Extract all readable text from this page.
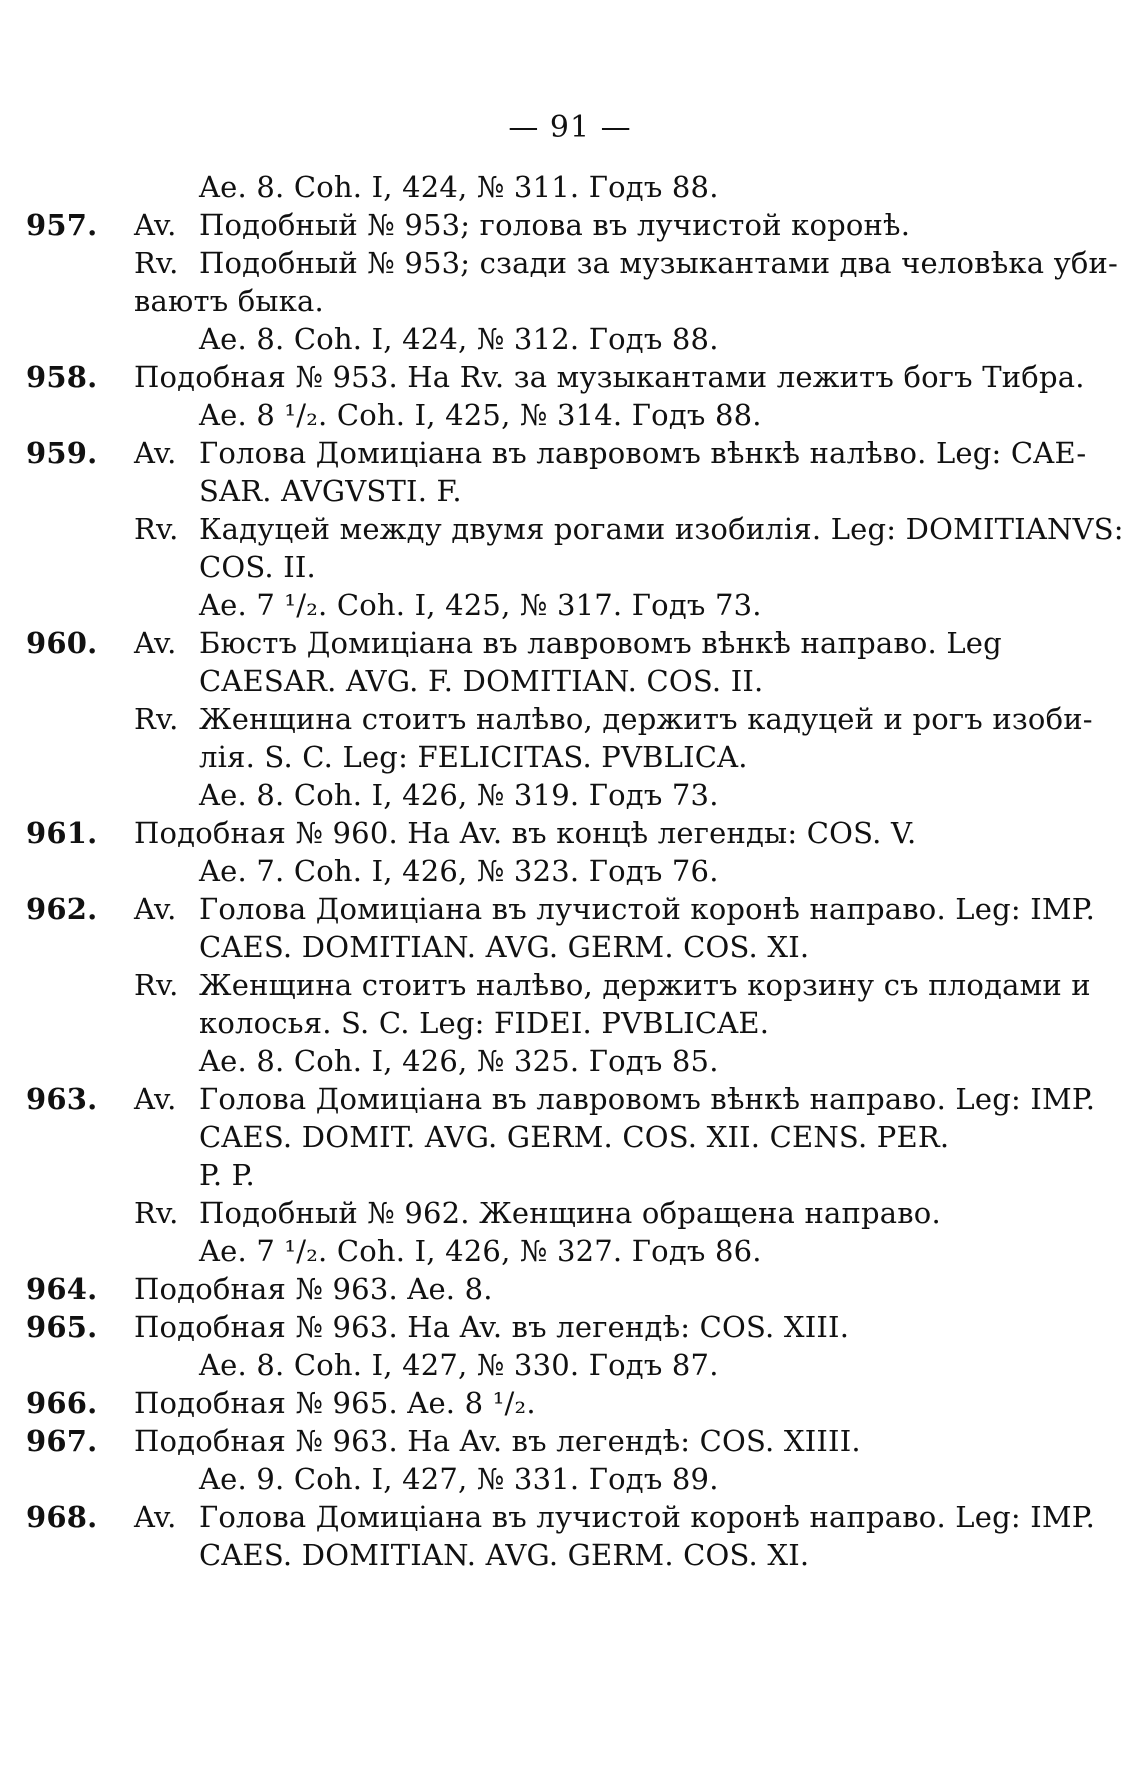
— 91 —
Ae. 8. Coh. I, 424, № 311. Годъ 88.
957.	Av. Подобный № 953; голова въ лучистой коронѣ.
Rv. Подобный № 953; сзади за музыкантами два человѣка уби-
ваютъ быка.
Ae. 8. Coh. I, 424, № 312. Годъ 88.
958.	Подобная № 953. На Rv. за музыкантами лежитъ богъ Тибра.
Ae. 8 ¹/₂. Coh. I, 425, № 314. Годъ 88.
959.	Av. Голова Домиціана въ лавровомъ вѣнкѣ налѣво. Leg: CAE-
SAR. AVGVSTI. F.
Rv. Кадуцей между двумя рогами изобилія. Leg: DOMITIANVS:
COS. II.
Ae. 7 ¹/₂. Coh. I, 425, № 317. Годъ 73.
960.	Av. Бюстъ Домиціана въ лавровомъ вѣнкѣ направо. Leg
CAESAR. AVG. F. DOMITIAN. COS. II.
Rv. Женщина стоитъ налѣво, держитъ кадуцей и рогъ изоби-
лія. S. C. Leg: FELICITAS. PVBLICA.
Ae. 8. Coh. I, 426, № 319. Годъ 73.
961.	Подобная № 960. На Av. въ концѣ легенды: COS. V.
Ae. 7. Coh. I, 426, № 323. Годъ 76.
962.	Av. Голова Домиціана въ лучистой коронѣ направо. Leg: IMP.
CAES. DOMITIAN. AVG. GERM. COS. XI.
Rv. Женщина стоитъ налѣво, держитъ корзину съ плодами и
колосья. S. C. Leg: FIDEI. PVBLICAE.
Ae. 8. Coh. I, 426, № 325. Годъ 85.
963.	Av. Голова Домиціана въ лавровомъ вѣнкѣ направо. Leg: IMP.
CAES. DOMIT. AVG. GERM. COS. XII. CENS. PER.
P. P.
Rv. Подобный № 962. Женщина обращена направо.
Ae. 7 ¹/₂. Coh. I, 426, № 327. Годъ 86.
964.	Подобная № 963. Ae. 8.
965.	Подобная № 963. На Av. въ легендѣ: COS. XIII.
Ae. 8. Coh. I, 427, № 330. Годъ 87.
966.	Подобная № 965. Ae. 8 ¹/₂.
967.	Подобная № 963. На Av. въ легендѣ: COS. XIIII.
Ae. 9. Coh. I, 427, № 331. Годъ 89.
968.	Av. Голова Домиціана въ лучистой коронѣ направо. Leg: IMP.
CAES. DOMITIAN. AVG. GERM. COS. XI.
